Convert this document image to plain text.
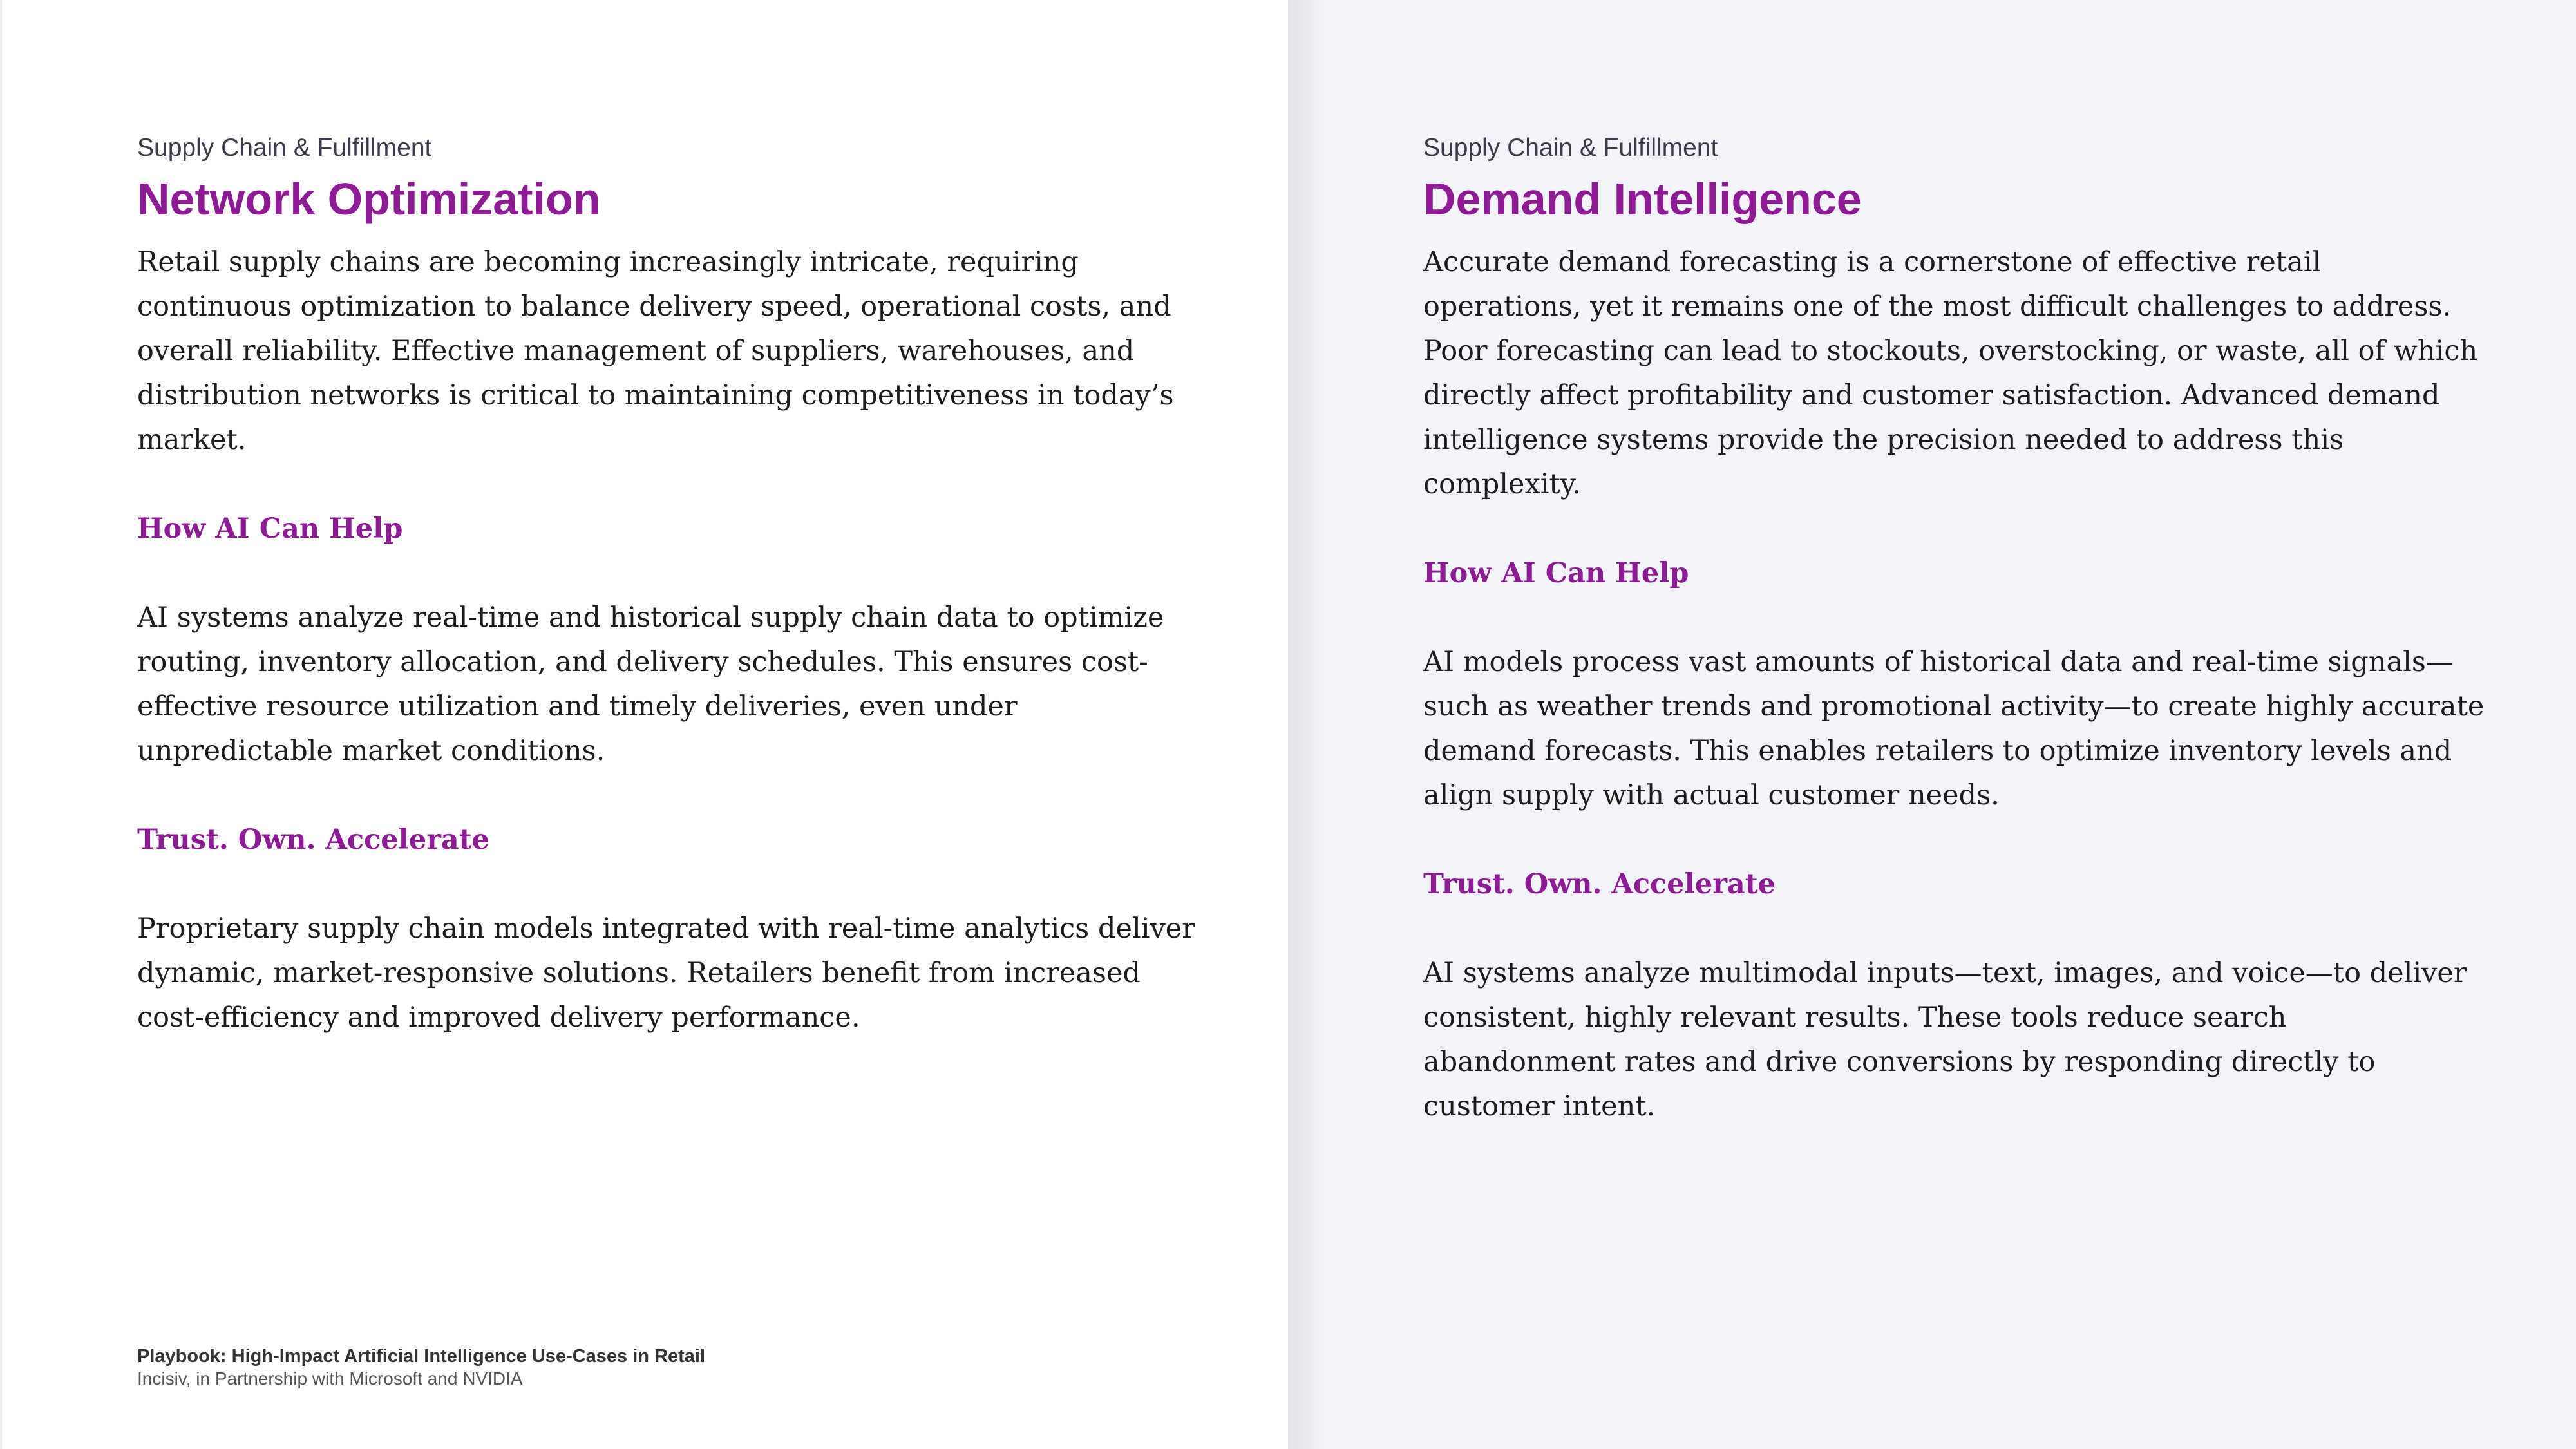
Supply Chain & Fulfillment

Network Optimization

Retail supply chains are becoming increasingly intricate, requiring continuous optimization to balance delivery speed, operational costs, and overall reliability. Effective management of suppliers, warehouses, and distribution networks is critical to maintaining competitiveness in today’s market.

How AI Can Help

AI systems analyze real-time and historical supply chain data to optimize routing, inventory allocation, and delivery schedules. This ensures cost-effective resource utilization and timely deliveries, even under unpredictable market conditions.

Trust. Own. Accelerate

Proprietary supply chain models integrated with real-time analytics deliver dynamic, market-responsive solutions. Retailers benefit from increased cost-efficiency and improved delivery performance.

Playbook: High-Impact Artificial Intelligence Use-Cases in Retail
Incisiv, in Partnership with Microsoft and NVIDIA

Supply Chain & Fulfillment

Demand Intelligence

Accurate demand forecasting is a cornerstone of effective retail operations, yet it remains one of the most difficult challenges to address. Poor forecasting can lead to stockouts, overstocking, or waste, all of which directly affect profitability and customer satisfaction. Advanced demand intelligence systems provide the precision needed to address this complexity.

How AI Can Help

AI models process vast amounts of historical data and real-time signals—such as weather trends and promotional activity—to create highly accurate demand forecasts. This enables retailers to optimize inventory levels and align supply with actual customer needs.

Trust. Own. Accelerate

AI systems analyze multimodal inputs—text, images, and voice—to deliver consistent, highly relevant results. These tools reduce search abandonment rates and drive conversions by responding directly to customer intent.
